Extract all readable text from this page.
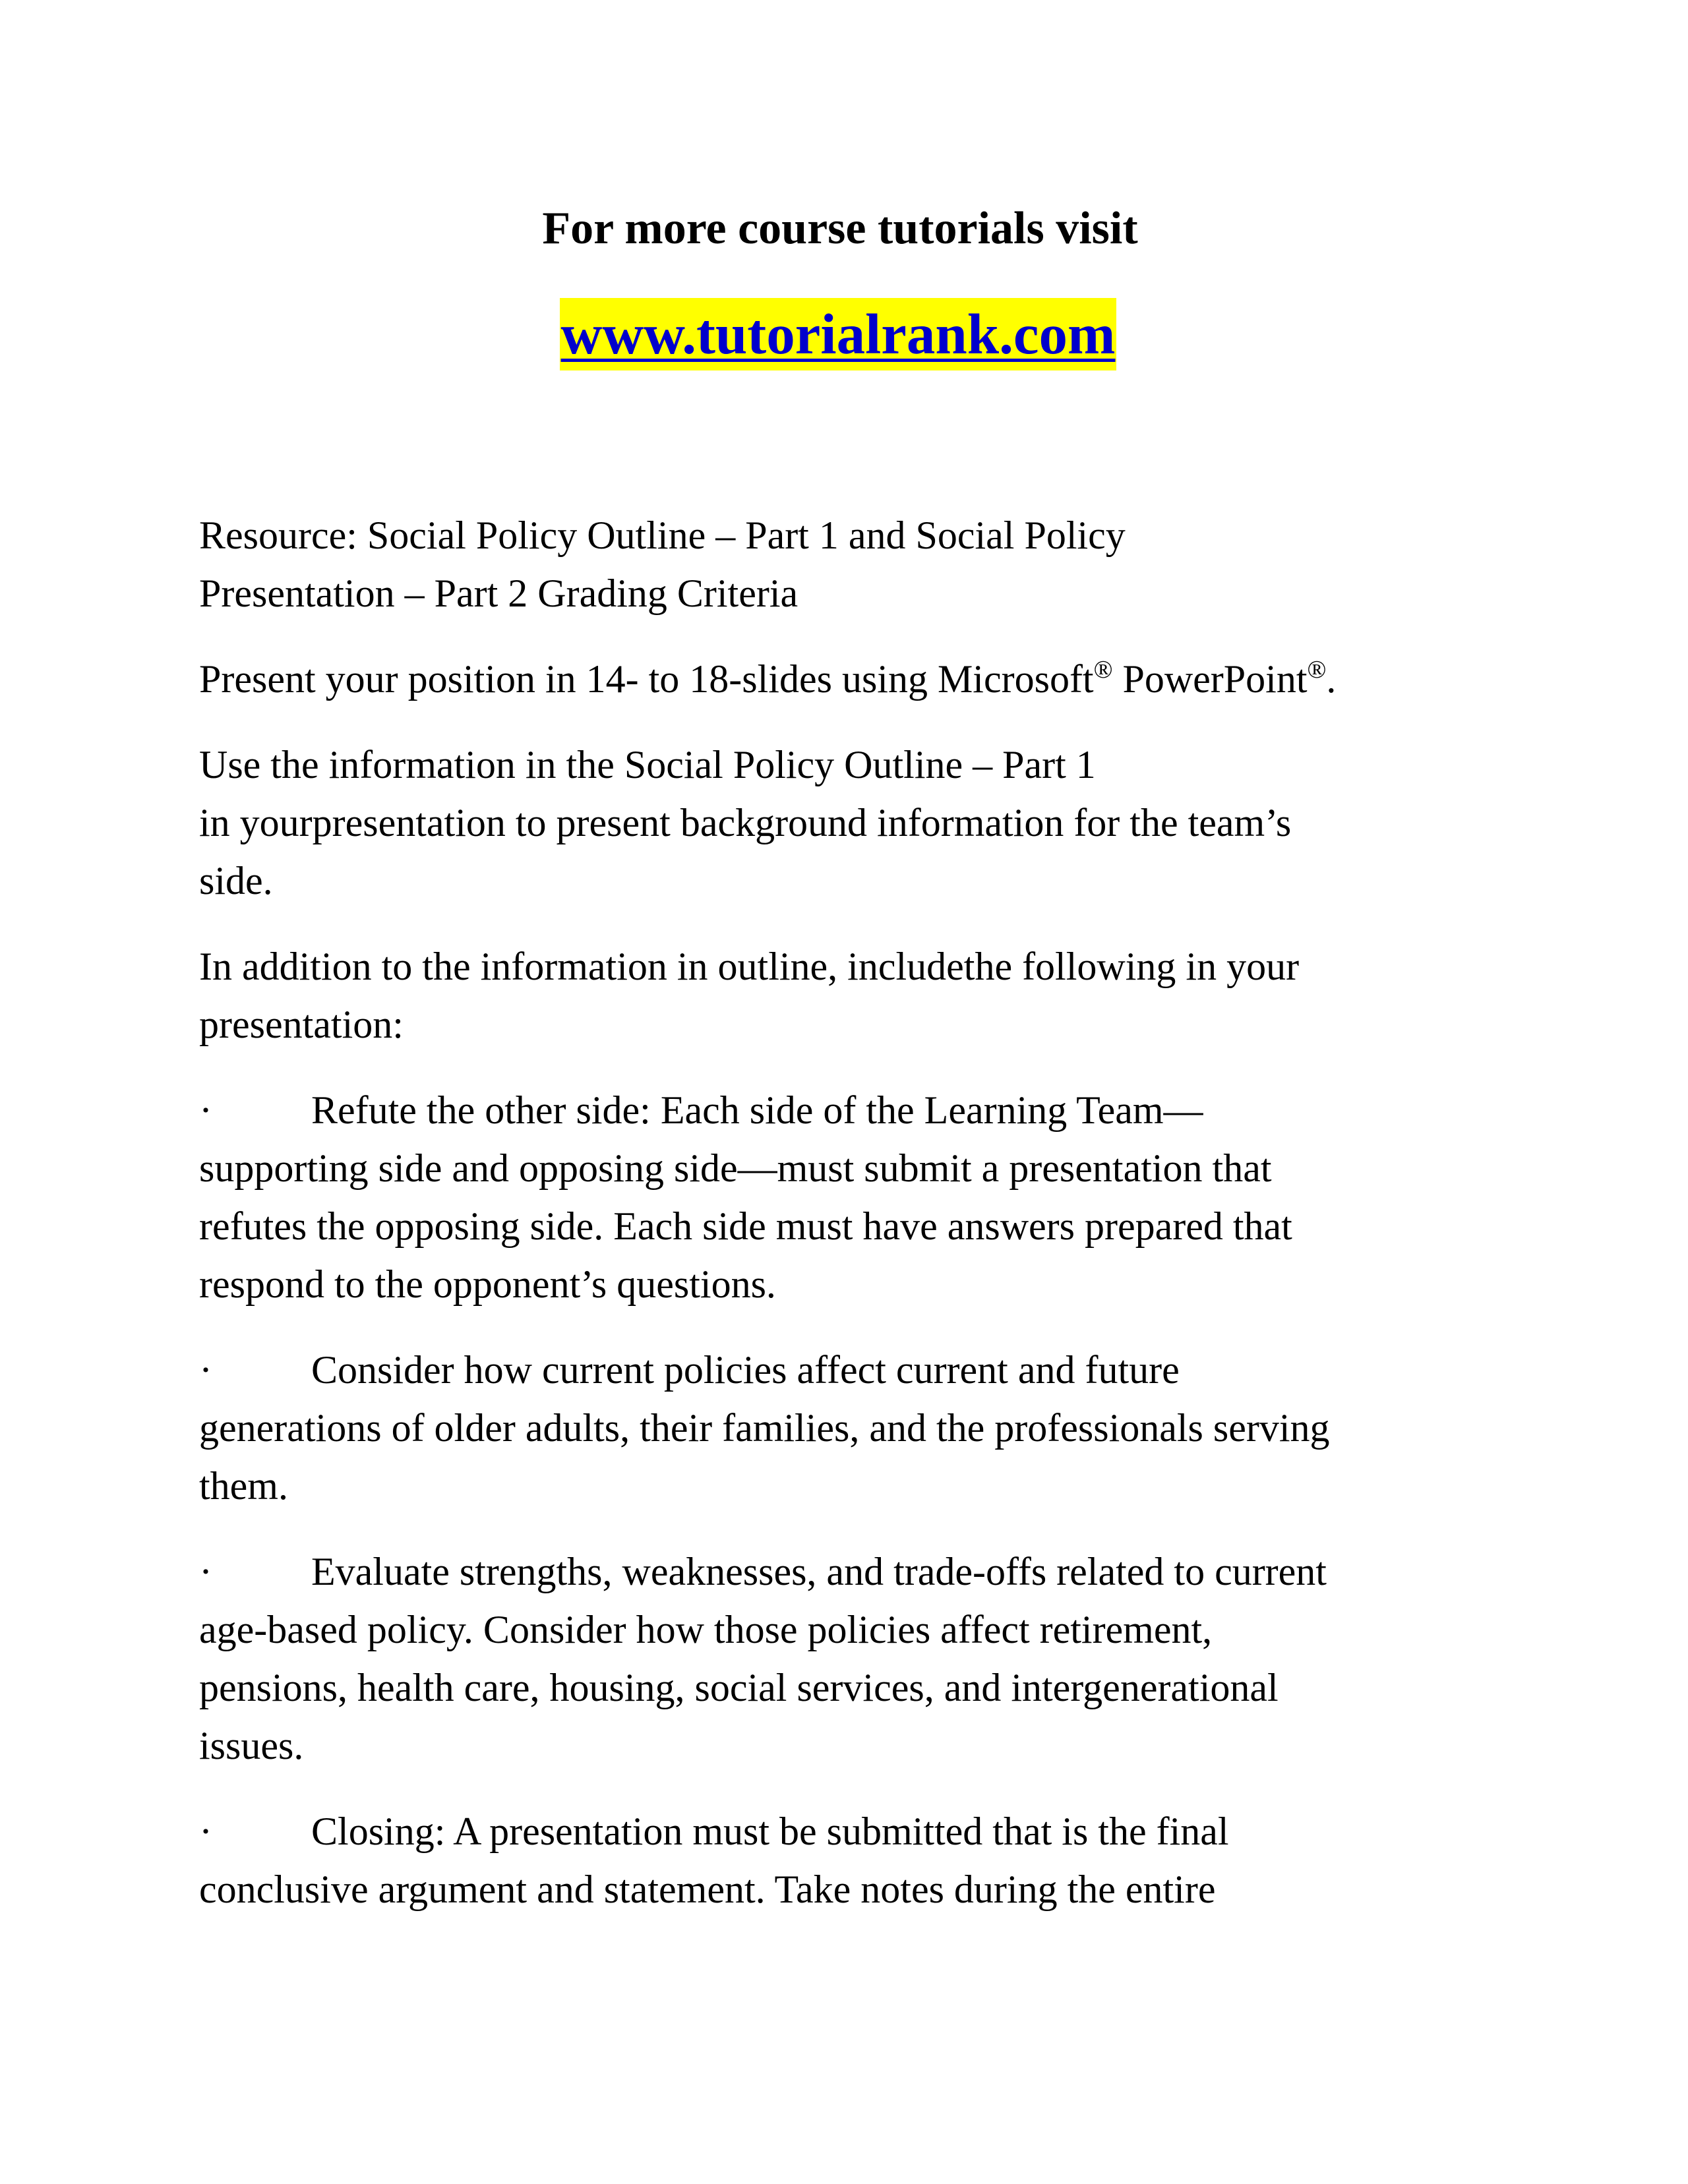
For more course tutorials visit
www.tutorialrank.com

Resource: Social Policy Outline – Part 1 and Social Policy
Presentation – Part 2 Grading Criteria

Present your position in 14- to 18-slides using Microsoft® PowerPoint®.

Use the information in the Social Policy Outline – Part 1
in yourpresentation to present background information for the team’s
side.

In addition to the information in outline, includethe following in your
presentation:

·	Refute the other side: Each side of the Learning Team—
supporting side and opposing side—must submit a presentation that
refutes the opposing side. Each side must have answers prepared that
respond to the opponent’s questions.

·	Consider how current policies affect current and future
generations of older adults, their families, and the professionals serving
them.

·	Evaluate strengths, weaknesses, and trade-offs related to current
age-based policy. Consider how those policies affect retirement,
pensions, health care, housing, social services, and intergenerational
issues.

·	Closing: A presentation must be submitted that is the final
conclusive argument and statement. Take notes during the entire
